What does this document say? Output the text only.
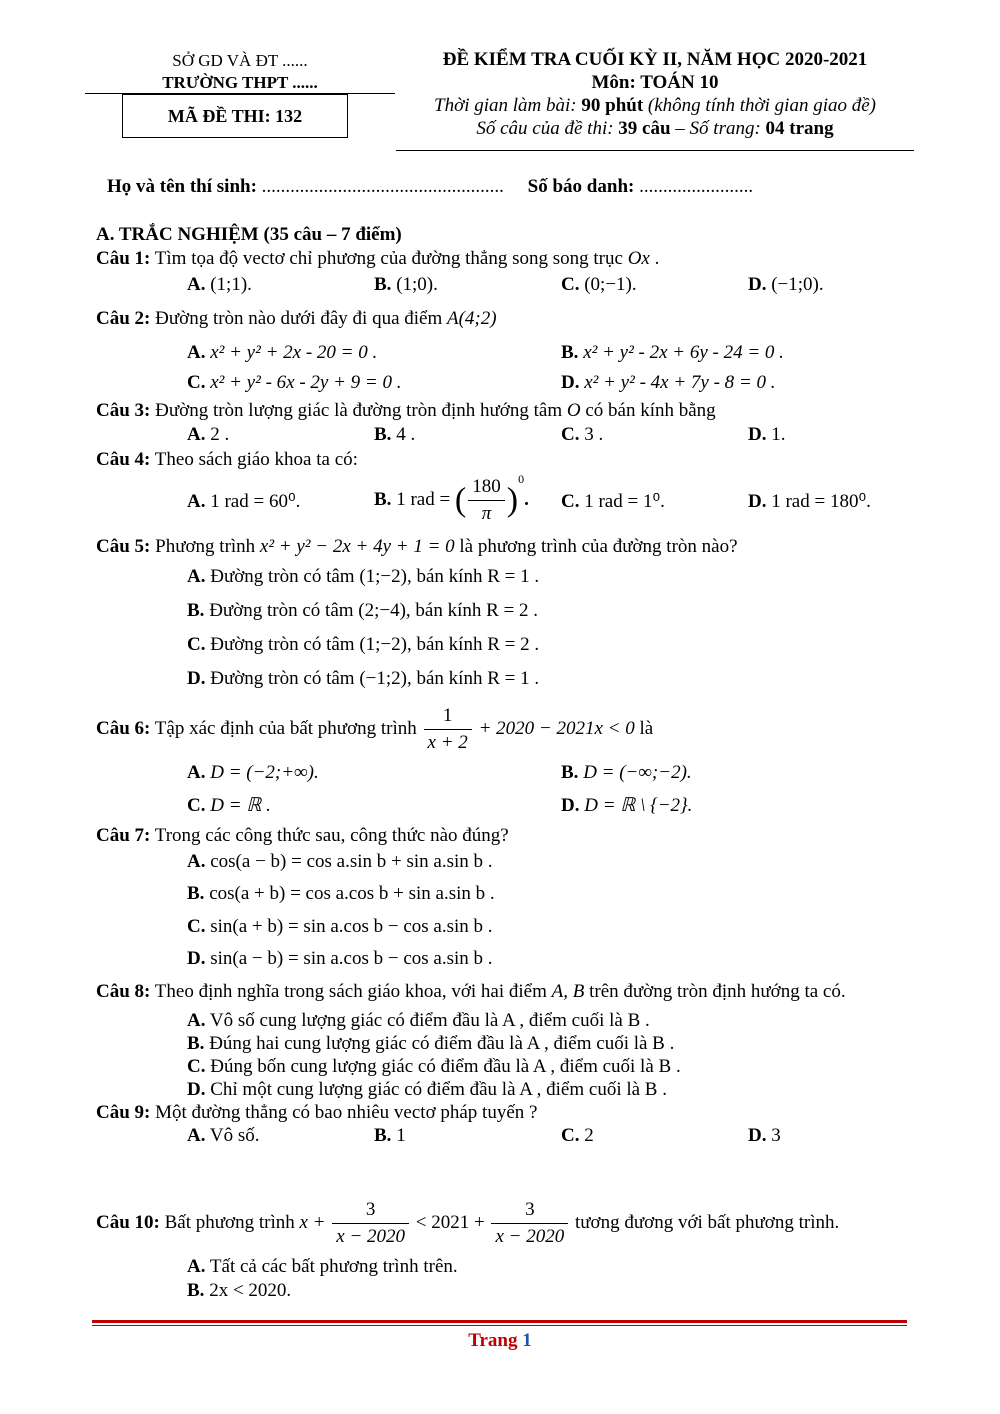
SỞ GD VÀ ĐT ......
TRƯỜNG THPT ......
MÃ ĐỀ THI: 132
ĐỀ KIỂM TRA CUỐI KỲ II, NĂM HỌC 2020-2021
Môn: TOÁN 10
Thời gian làm bài: 90 phút (không tính thời gian giao đề)
Số câu của đề thi: 39 câu – Số trang: 04 trang
Họ và tên thí sinh: ................................................... Số báo danh: ........................
A. TRẮC NGHIỆM (35 câu – 7 điểm)
Câu 1: Tìm tọa độ vectơ chỉ phương của đường thẳng song song trục Ox .
A. (1;1).	B. (1;0).	C. (0;−1).	D. (−1;0).
Câu 2: Đường tròn nào dưới đây đi qua điểm A(4;2)
A. x² + y² + 2x - 20 = 0 .	B. x² + y² - 2x + 6y - 24 = 0 .
C. x² + y² - 6x - 2y + 9 = 0 .	D. x² + y² - 4x + 7y - 8 = 0 .
Câu 3: Đường tròn lượng giác là đường tròn định hướng tâm O có bán kính bằng
A. 2 .	B. 4 .	C. 3 .	D. 1.
Câu 4: Theo sách giáo khoa ta có:
A. 1 rad = 60⁰.	B. 1 rad = ( $\frac{180}{\pi} )^0$. C. 1 rad = 1⁰.	D. 1 rad = 180⁰.
Câu 5: Phương trình x² + y² − 2x + 4y + 1 = 0 là phương trình của đường tròn nào?
A. Đường tròn có tâm (1;−2), bán kính R = 1 .
B. Đường tròn có tâm (2;−4), bán kính R = 2 .
C. Đường tròn có tâm (1;−2), bán kính R = 2 .
D. Đường tròn có tâm (−1;2), bán kính R = 1 .
Câu 6: Tập xác định của bất phương trình $\frac{1}{x + 2} + 2020 - 2021x < 0$ là
A. D = (−2;+∞).	B. D = (−∞;−2).
C. D = ℝ .	D. D = ℝ \ {−2}.
Câu 7: Trong các công thức sau, công thức nào đúng?
A. cos(a − b) = cos a.sin b + sin a.sin b .
B. cos(a + b) = cos a.cos b + sin a.sin b .
C. sin(a + b) = sin a.cos b − cos a.sin b .
D. sin(a − b) = sin a.cos b − cos a.sin b .
Câu 8: Theo định nghĩa trong sách giáo khoa, với hai điểm A, B trên đường tròn định hướng ta có.
A. Vô số cung lượng giác có điểm đầu là A , điểm cuối là B .
B. Đúng hai cung lượng giác có điểm đầu là A , điểm cuối là B .
C. Đúng bốn cung lượng giác có điểm đầu là A , điểm cuối là B .
D. Chỉ một cung lượng giác có điểm đầu là A , điểm cuối là B .
Câu 9: Một đường thẳng có bao nhiêu vectơ pháp tuyến ?
A. Vô số.	B. 1	C. 2	D. 3
Câu 10: Bất phương trình $x + \frac{3}{x - 2020} < 2021 + \frac{3}{x - 2020}$ tương đương với bất phương trình.
A. Tất cả các bất phương trình trên.
B. 2x < 2020.
Trang 1
